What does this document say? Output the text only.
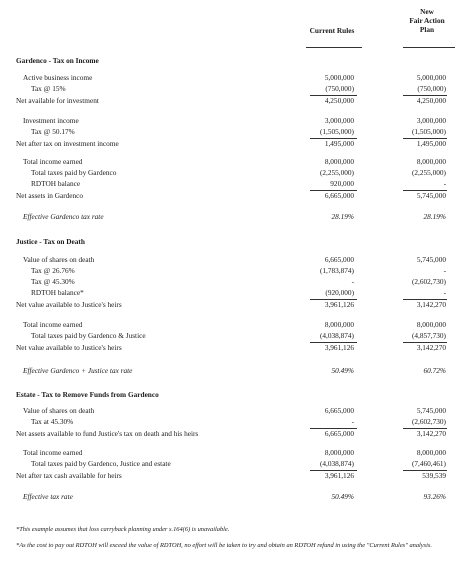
Current Rules
New
Fair Action
Plan
Gardenco - Tax on Income
Active business income	5,000,000	5,000,000
Tax @ 15%	(750,000)	(750,000)
Net available for investment	4,250,000	4,250,000
Investment income	3,000,000	3,000,000
Tax @ 50.17%	(1,505,000)	(1,505,000)
Net after tax on investment income	1,495,000	1,495,000
Total income earned	8,000,000	8,000,000
Total taxes paid by Gardenco	(2,255,000)	(2,255,000)
RDTOH balance	920,000	-
Net assets in Gardenco	6,665,000	5,745,000
Effective Gardenco tax rate	28.19%	28.19%
Justice - Tax on Death
Value of shares on death	6,665,000	5,745,000
Tax @ 26.76%	(1,783,874)	-
Tax @ 45.30%	-	(2,602,730)
RDTOH balance*	(920,000)	-
Net value available to Justice's heirs	3,961,126	3,142,270
Total income earned	8,000,000	8,000,000
Total taxes paid by Gardenco & Justice	(4,038,874)	(4,857,730)
Net value available to Justice's heirs	3,961,126	3,142,270
Effective Gardenco + Justice tax rate	50.49%	60.72%
Estate - Tax to Remove Funds from Gardenco
Value of shares on death	6,665,000	5,745,000
Tax at 45.30%	-	(2,602,730)
Net assets available to fund Justice's tax on death and his heirs	6,665,000	3,142,270
Total income earned	8,000,000	8,000,000
Total taxes paid by Gardenco, Justice and estate	(4,038,874)	(7,460,461)
Net after tax cash available for heirs	3,961,126	539,539
Effective tax rate	50.49%	93.26%
*This example assumes that loss carryback planning under s.164(6) is unavailable.
*As the cost to pay out RDTOH will exceed the value of RDTOH, no effort will be taken to try and obtain an RDTOH refund in using the "Current Rules" analysis.
